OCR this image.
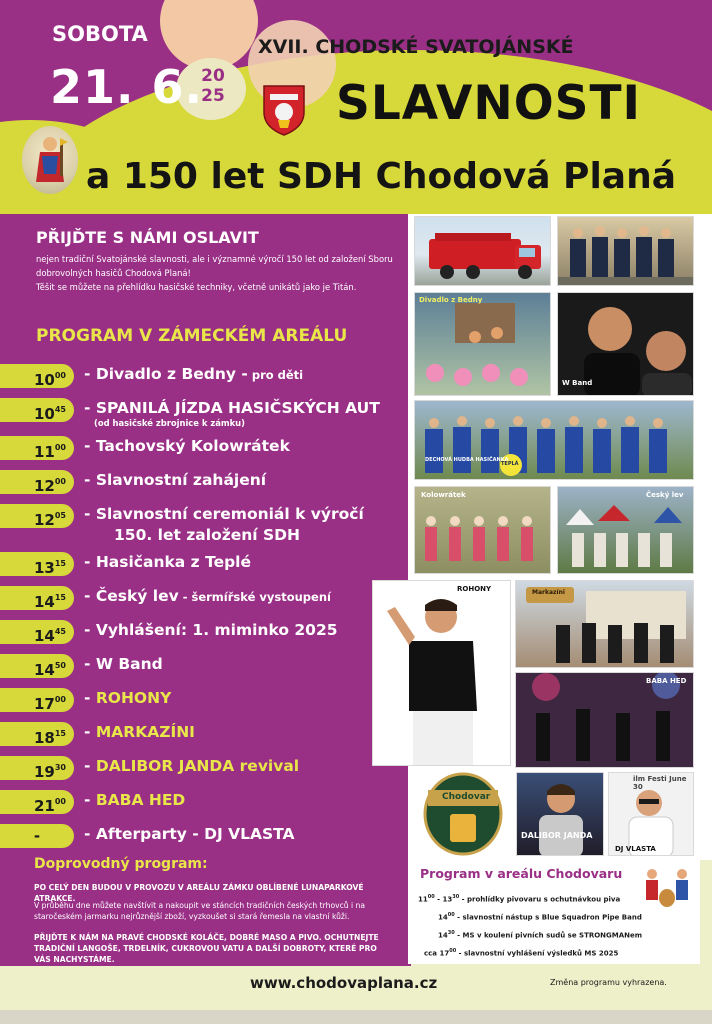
SOBOTA
21. 6.
20
25
XVII. CHODSKÉ SVATOJÁNSKÉ
SLAVNOSTI
a 150 let SDH Chodová Planá
PŘIJĎTE S NÁMI OSLAVIT

nejen tradiční Svatojánské slavnosti, ale i významné výročí 150 let od založení Sboru dobrovolných hasičů Chodová Planá!

Těšit se můžete na přehlídku hasičské techniky, včetně unikátů jako je Titán.

PROGRAM V ZÁMECKÉM AREÁLU
$10^{00}$	- Divadlo z Bedny - pro děti
$10^{45}$	- SPANILÁ JÍZDA HASIČSKÝCH AUT
(od hasičské zbrojnice k zámku)
$11^{00}$	- Tachovský Kolowrátek
$12^{00}$	- Slavnostní zahájení
$12^{05}$	- Slavnostní ceremoniál k výročí
150. let založení SDH
$13^{15}$	- Hasičanka z Teplé
$14^{15}$	- Český lev - šermířské vystoupení
$14^{45}$	- Vyhlášení: 1. miminko 2025
$14^{50}$	- W Band
$17^{00}$	- ROHONY
$18^{15}$	- MARKAZÍNI
$19^{30}$	- DALIBOR JANDA revival
$21^{00}$	- BABA HED
-	- Afterparty - DJ VLASTA
Doprovodný program:
PO CELÝ DEN BUDOU V PROVOZU V AREÁLU ZÁMKU OBLÍBENÉ LUNAPARKOVÉ ATRAKCE.
V průběhu dne můžete navštívit a nakoupit ve stáncích tradičních českých trhovců i na staročeském jarmarku nejrůznější zboží, vyzkoušet si stará řemesla na vlastní kůži.
PŘIJĎTE K NÁM NA PRAVÉ CHODSKÉ KOLÁČE, DOBRÉ MASO A PIVO. OCHUTNEJTE TRADIČNÍ LANGOŠE, TRDELNÍK, CUKROVOU VATU A DALŠÍ DOBROTY, KTERÉ PRO VÁS NACHYSTÁME.
Divadlo z Bedny
W Band
DECHOVÁ HUDBA HASIČANKA
TEPLÁ
Kolowrátek	Český lev
ROHONY	Markazíni
BABA HED
Chodovar
DALIBOR JANDA
ilm Festi June 30
DJ VLASTA
Program v areálu Chodovaru
$11^{00} - 13^{30}$ - prohlídky pivovaru s ochutnávkou piva
$14^{00}$ - slavnostní nástup s Blue Squadron Pipe Band
$14^{30}$ - MS v koulení pivních sudů se STRONGMANem
cca $17^{00}$ - slavnostní vyhlášení výsledků MS 2025
www.chodovaplana.cz	Změna programu vyhrazena.
